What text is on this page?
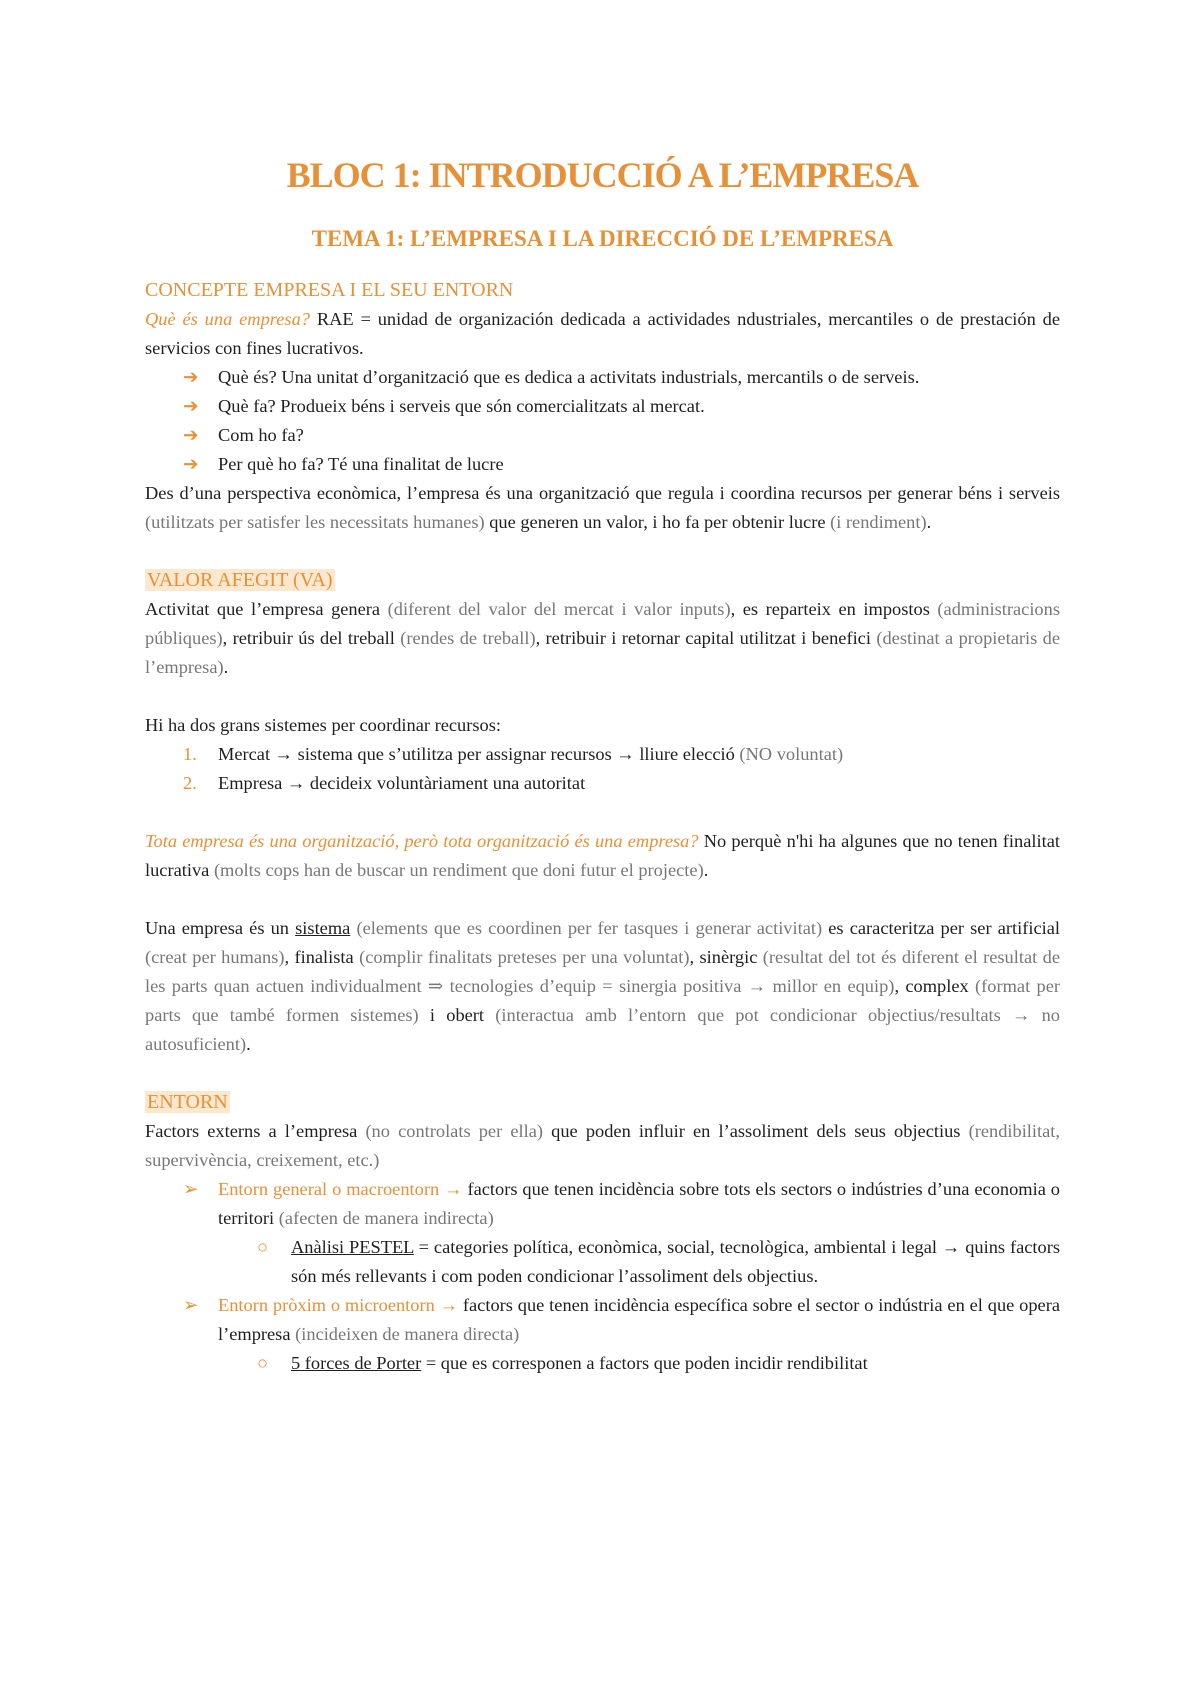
BLOC 1: INTRODUCCIÓ A L’EMPRESA
TEMA 1: L’EMPRESA I LA DIRECCIÓ DE L’EMPRESA

CONCEPTE EMPRESA I EL SEU ENTORN

Què és una empresa? RAE = unidad de organización dedicada a actividades ndustriales, mercantiles o de prestación de servicios con fines lucrativos.

➔ Què és? Una unitat d’organització que es dedica a activitats industrials, mercantils o de serveis.

➔ Què fa? Produeix béns i serveis que són comercialitzats al mercat.

➔ Com ho fa?

➔ Per què ho fa? Té una finalitat de lucre

Des d’una perspectiva econòmica, l’empresa és una organització que regula i coordina recursos per generar béns i serveis (utilitzats per satisfer les necessitats humanes) que generen un valor, i ho fa per obtenir lucre (i rendiment).

VALOR AFEGIT (VA)

Activitat que l’empresa genera (diferent del valor del mercat i valor inputs), es reparteix en impostos (administracions públiques), retribuir ús del treball (rendes de treball), retribuir i retornar capital utilitzat i benefici (destinat a propietaris de l’empresa).

Hi ha dos grans sistemes per coordinar recursos:

1. Mercat → sistema que s’utilitza per assignar recursos → lliure elecció (NO voluntat)

2. Empresa → decideix voluntàriament una autoritat

Tota empresa és una organització, però tota organització és una empresa? No perquè n'hi ha algunes que no tenen finalitat lucrativa (molts cops han de buscar un rendiment que doni futur el projecte).

Una empresa és un sistema (elements que es coordinen per fer tasques i generar activitat) es caracteritza per ser artificial (creat per humans), finalista (complir finalitats preteses per una voluntat), sinèrgic (resultat del tot és diferent el resultat de les parts quan actuen individualment ⇒ tecnologies d’equip = sinergia positiva → millor en equip), complex (format per parts que també formen sistemes) i obert (interactua amb l’entorn que pot condicionar objectius/resultats → no autosuficient).

ENTORN

Factors externs a l’empresa (no controlats per ella) que poden influir en l’assoliment dels seus objectius (rendibilitat, supervivència, creixement, etc.)

➢ Entorn general o macroentorn → factors que tenen incidència sobre tots els sectors o indústries d’una economia o territori (afecten de manera indirecta)

○ Anàlisi PESTEL = categories política, econòmica, social, tecnològica, ambiental i legal → quins factors són més rellevants i com poden condicionar l’assoliment dels objectius.

➢ Entorn pròxim o microentorn → factors que tenen incidència específica sobre el sector o indústria en el que opera l’empresa (incideixen de manera directa)

○ 5 forces de Porter = que es corresponen a factors que poden incidir rendibilitat
